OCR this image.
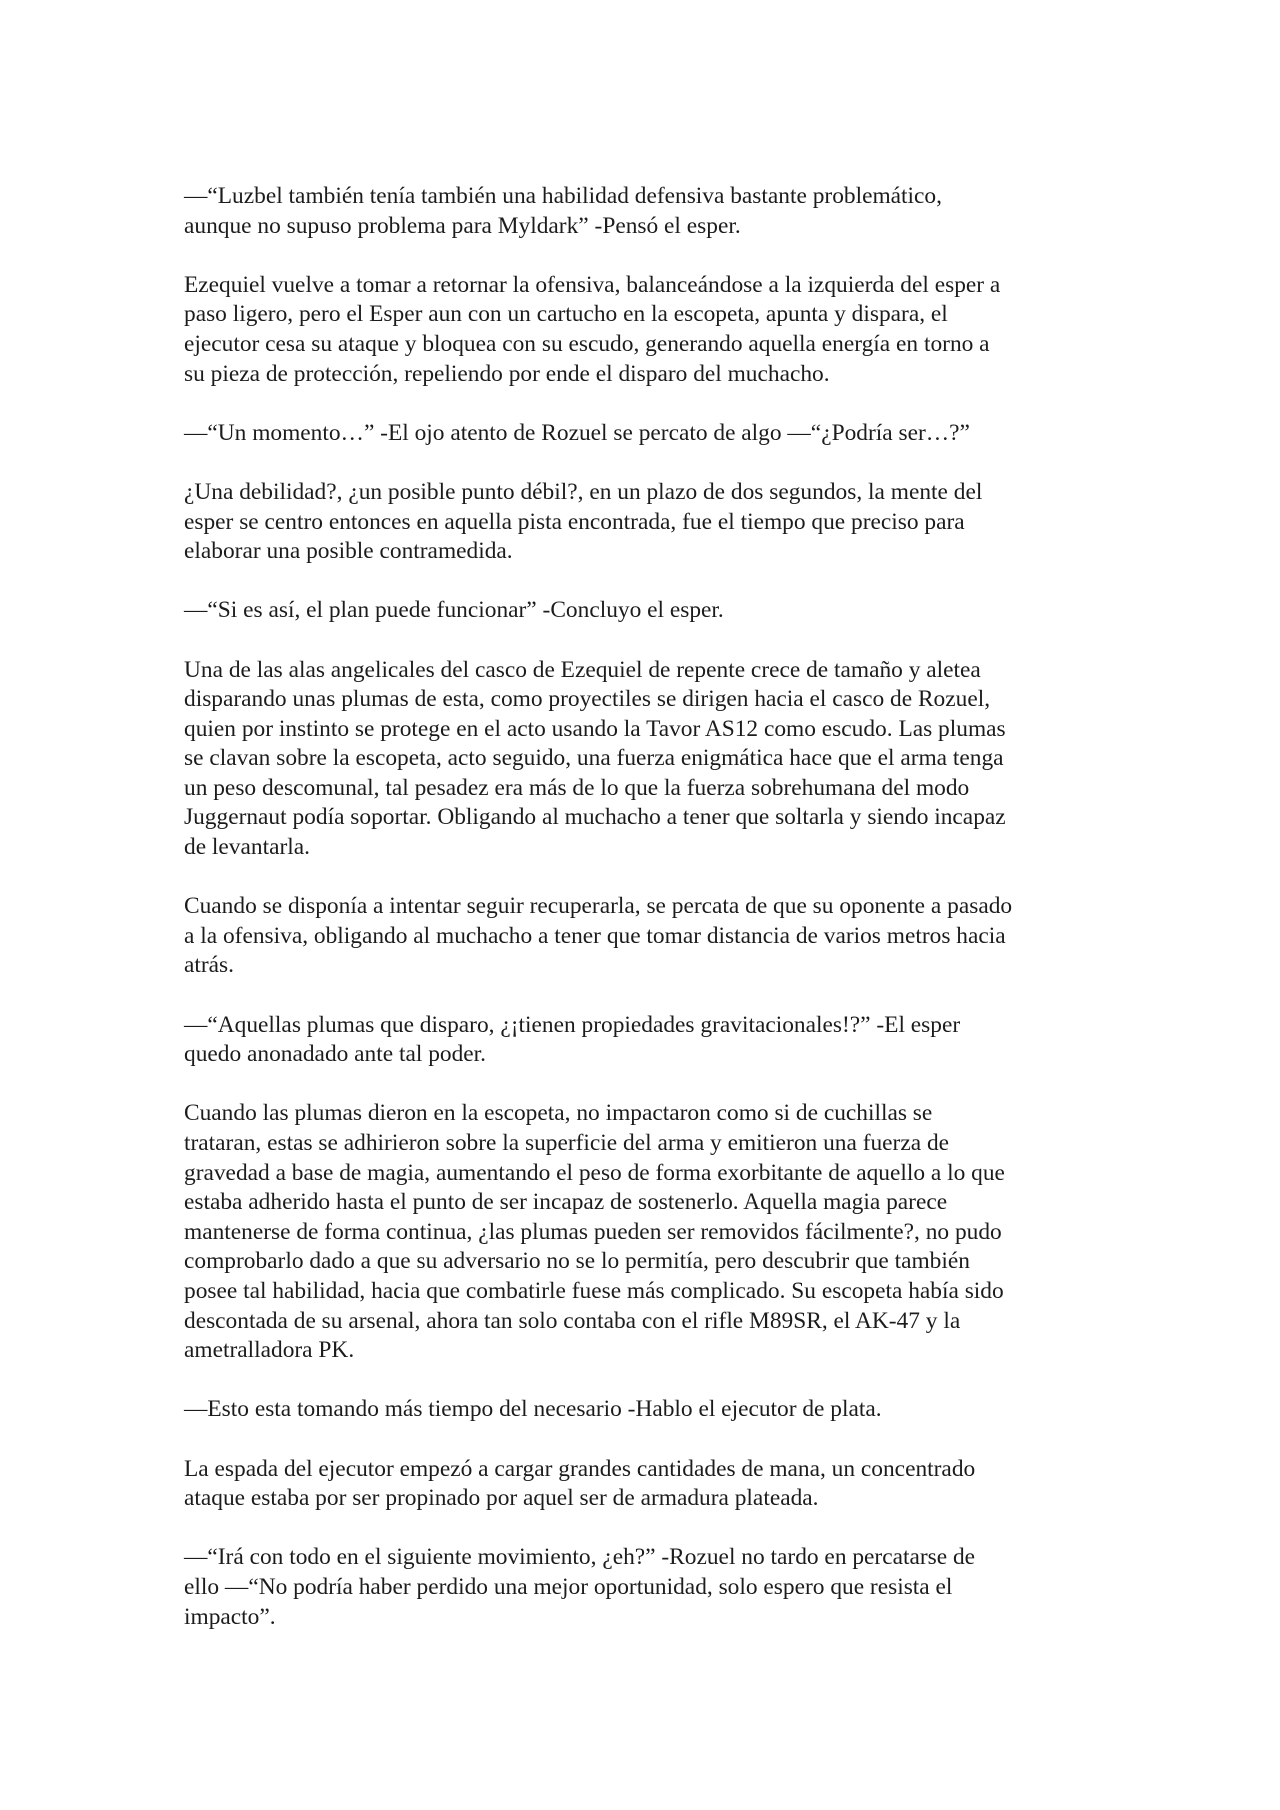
—“Luzbel también tenía también una habilidad defensiva bastante problemático,
aunque no supuso problema para Myldark” -Pensó el esper.
Ezequiel vuelve a tomar a retornar la ofensiva, balanceándose a la izquierda del esper a
paso ligero, pero el Esper aun con un cartucho en la escopeta, apunta y dispara, el
ejecutor cesa su ataque y bloquea con su escudo, generando aquella energía en torno a
su pieza de protección, repeliendo por ende el disparo del muchacho.
—“Un momento…” -El ojo atento de Rozuel se percato de algo —“¿Podría ser…?”
¿Una debilidad?, ¿un posible punto débil?, en un plazo de dos segundos, la mente del
esper se centro entonces en aquella pista encontrada, fue el tiempo que preciso para
elaborar una posible contramedida.
—“Si es así, el plan puede funcionar” -Concluyo el esper.
Una de las alas angelicales del casco de Ezequiel de repente crece de tamaño y aletea
disparando unas plumas de esta, como proyectiles se dirigen hacia el casco de Rozuel,
quien por instinto se protege en el acto usando la Tavor AS12 como escudo. Las plumas
se clavan sobre la escopeta, acto seguido, una fuerza enigmática hace que el arma tenga
un peso descomunal, tal pesadez era más de lo que la fuerza sobrehumana del modo
Juggernaut podía soportar. Obligando al muchacho a tener que soltarla y siendo incapaz
de levantarla.
Cuando se disponía a intentar seguir recuperarla, se percata de que su oponente a pasado
a la ofensiva, obligando al muchacho a tener que tomar distancia de varios metros hacia
atrás.
—“Aquellas plumas que disparo, ¿¡tienen propiedades gravitacionales!?” -El esper
quedo anonadado ante tal poder.
Cuando las plumas dieron en la escopeta, no impactaron como si de cuchillas se
trataran, estas se adhirieron sobre la superficie del arma y emitieron una fuerza de
gravedad a base de magia, aumentando el peso de forma exorbitante de aquello a lo que
estaba adherido hasta el punto de ser incapaz de sostenerlo. Aquella magia parece
mantenerse de forma continua, ¿las plumas pueden ser removidos fácilmente?, no pudo
comprobarlo dado a que su adversario no se lo permitía, pero descubrir que también
posee tal habilidad, hacia que combatirle fuese más complicado. Su escopeta había sido
descontada de su arsenal, ahora tan solo contaba con el rifle M89SR, el AK-47 y la
ametralladora PK.
—Esto esta tomando más tiempo del necesario -Hablo el ejecutor de plata.
La espada del ejecutor empezó a cargar grandes cantidades de mana, un concentrado
ataque estaba por ser propinado por aquel ser de armadura plateada.
—“Irá con todo en el siguiente movimiento, ¿eh?” -Rozuel no tardo en percatarse de
ello —“No podría haber perdido una mejor oportunidad, solo espero que resista el
impacto”.
